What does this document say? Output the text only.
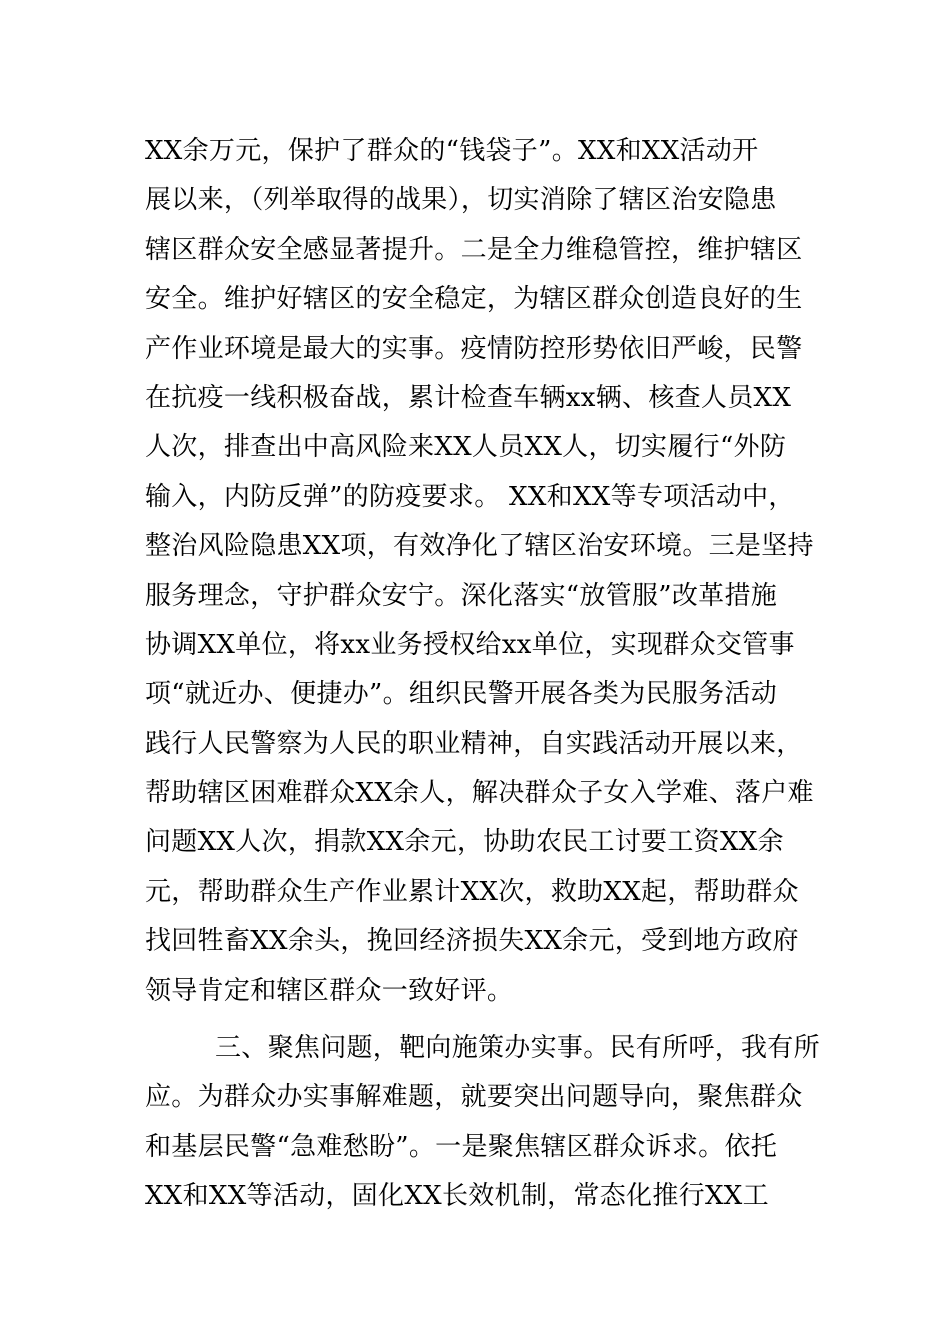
XX余万元，保护了群众的“钱袋子”。XX和XX活动开
展以来，（列举取得的战果），切实消除了辖区治安隐患
辖区群众安全感显著提升。二是全力维稳管控，维护辖区
安全。维护好辖区的安全稳定，为辖区群众创造良好的生
产作业环境是最大的实事。疫情防控形势依旧严峻，民警
在抗疫一线积极奋战，累计检查车辆xx辆、核查人员XX
人次，排查出中高风险来XX人员XX人，切实履行“外防
输入，内防反弹”的防疫要求。 XX和XX等专项活动中，
整治风险隐患XX项，有效净化了辖区治安环境。三是坚持
服务理念，守护群众安宁。深化落实“放管服”改革措施
协调XX单位，将xx业务授权给xx单位，实现群众交管事
项“就近办、便捷办”。组织民警开展各类为民服务活动
践行人民警察为人民的职业精神，自实践活动开展以来，
帮助辖区困难群众XX余人，解决群众子女入学难、落户难
问题XX人次，捐款XX余元，协助农民工讨要工资XX余
元，帮助群众生产作业累计XX次，救助XX起，帮助群众
找回牲畜XX余头，挽回经济损失XX余元，受到地方政府
领导肯定和辖区群众一致好评。
三、聚焦问题，靶向施策办实事。民有所呼，我有所
应。为群众办实事解难题，就要突出问题导向，聚焦群众
和基层民警“急难愁盼”。一是聚焦辖区群众诉求。依托
XX和XX等活动，固化XX长效机制，常态化推行XX工
